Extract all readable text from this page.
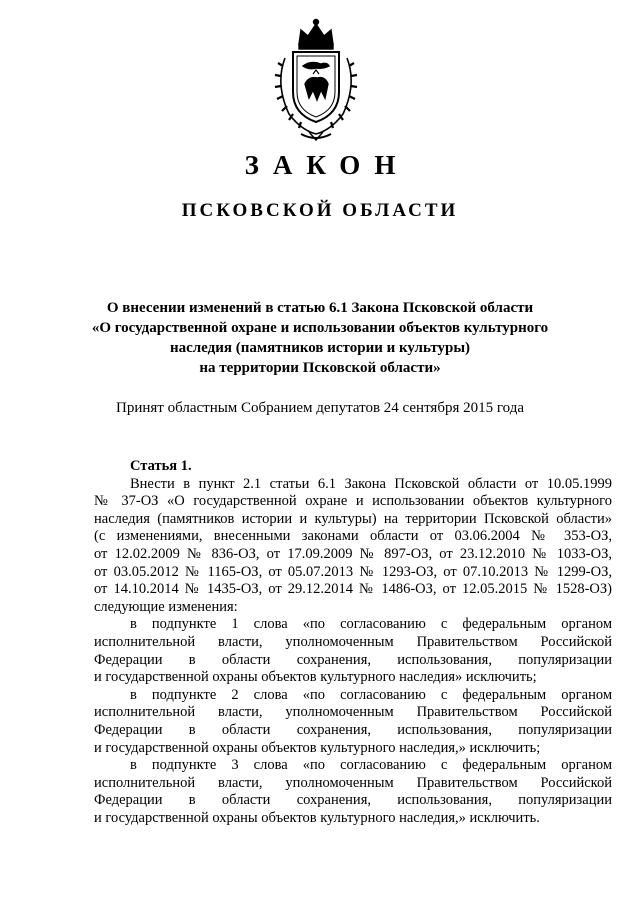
ЗАКОН
ПСКОВСКОЙ ОБЛАСТИ
О внесении изменений в статью 6.1 Закона Псковской области
«О государственной охране и использовании объектов культурного
наследия (памятников истории и культуры)
на территории Псковской области»
Принят областным Собранием депутатов 24 сентября 2015 года
Статья 1.
Внести в пункт 2.1 статьи 6.1 Закона Псковской области от 10.05.1999
№ 37-ОЗ «О государственной охране и использовании объектов культурного
наследия (памятников истории и культуры) на территории Псковской области»
(с изменениями, внесенными законами области от 03.06.2004 № 353-ОЗ,
от 12.02.2009 № 836-ОЗ, от 17.09.2009 № 897-ОЗ, от 23.12.2010 № 1033-ОЗ,
от 03.05.2012 № 1165-ОЗ, от 05.07.2013 № 1293-ОЗ, от 07.10.2013 № 1299-ОЗ,
от 14.10.2014 № 1435-ОЗ, от 29.12.2014 № 1486-ОЗ, от 12.05.2015 № 1528-ОЗ)
следующие изменения:
в подпункте 1 слова «по согласованию с федеральным органом
исполнительной власти, уполномоченным Правительством Российской
Федерации в области сохранения, использования, популяризации
и государственной охраны объектов культурного наследия» исключить;
в подпункте 2 слова «по согласованию с федеральным органом
исполнительной власти, уполномоченным Правительством Российской
Федерации в области сохранения, использования, популяризации
и государственной охраны объектов культурного наследия,» исключить;
в подпункте 3 слова «по согласованию с федеральным органом
исполнительной власти, уполномоченным Правительством Российской
Федерации в области сохранения, использования, популяризации
и государственной охраны объектов культурного наследия,» исключить.
